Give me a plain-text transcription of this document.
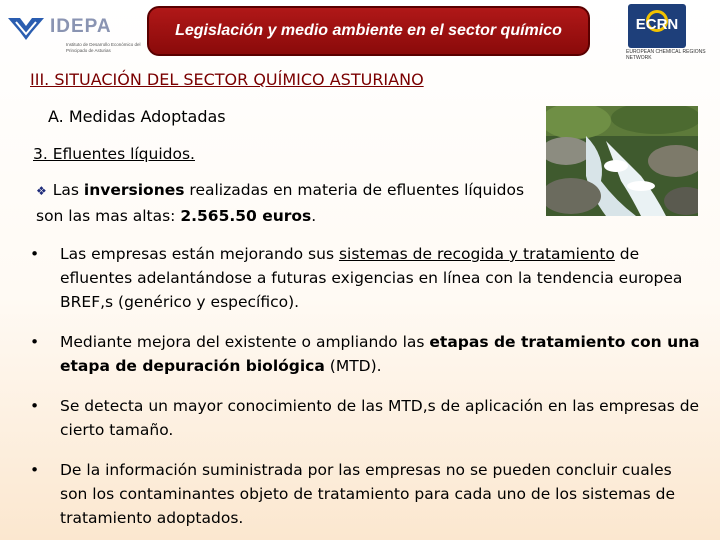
IDEPA
Instituto de Desarrollo Económico del Principado de Asturias
Legislación y medio ambiente en el sector químico	ECRN
EUROPEAN CHEMICAL REGIONS NETWORK
III. SITUACIÓN DEL SECTOR QUÍMICO ASTURIANO
A. Medidas Adoptadas
3. Efluentes líquidos.
❖ Las inversiones realizadas en materia de efluentes líquidos son las mas altas: 2.565.50 euros.
• Las empresas están mejorando sus sistemas de recogida y tratamiento de efluentes adelantándose a futuras exigencias en línea con la tendencia europea BREF,s (genérico y específico).
• Mediante mejora del existente o ampliando las etapas de tratamiento con una etapa de depuración biológica (MTD).
• Se detecta un mayor conocimiento de las MTD,s de aplicación en las empresas de cierto tamaño.
• De la información suministrada por las empresas no se pueden concluir cuales son los contaminantes objeto de tratamiento para cada uno de los sistemas de tratamiento adoptados.
